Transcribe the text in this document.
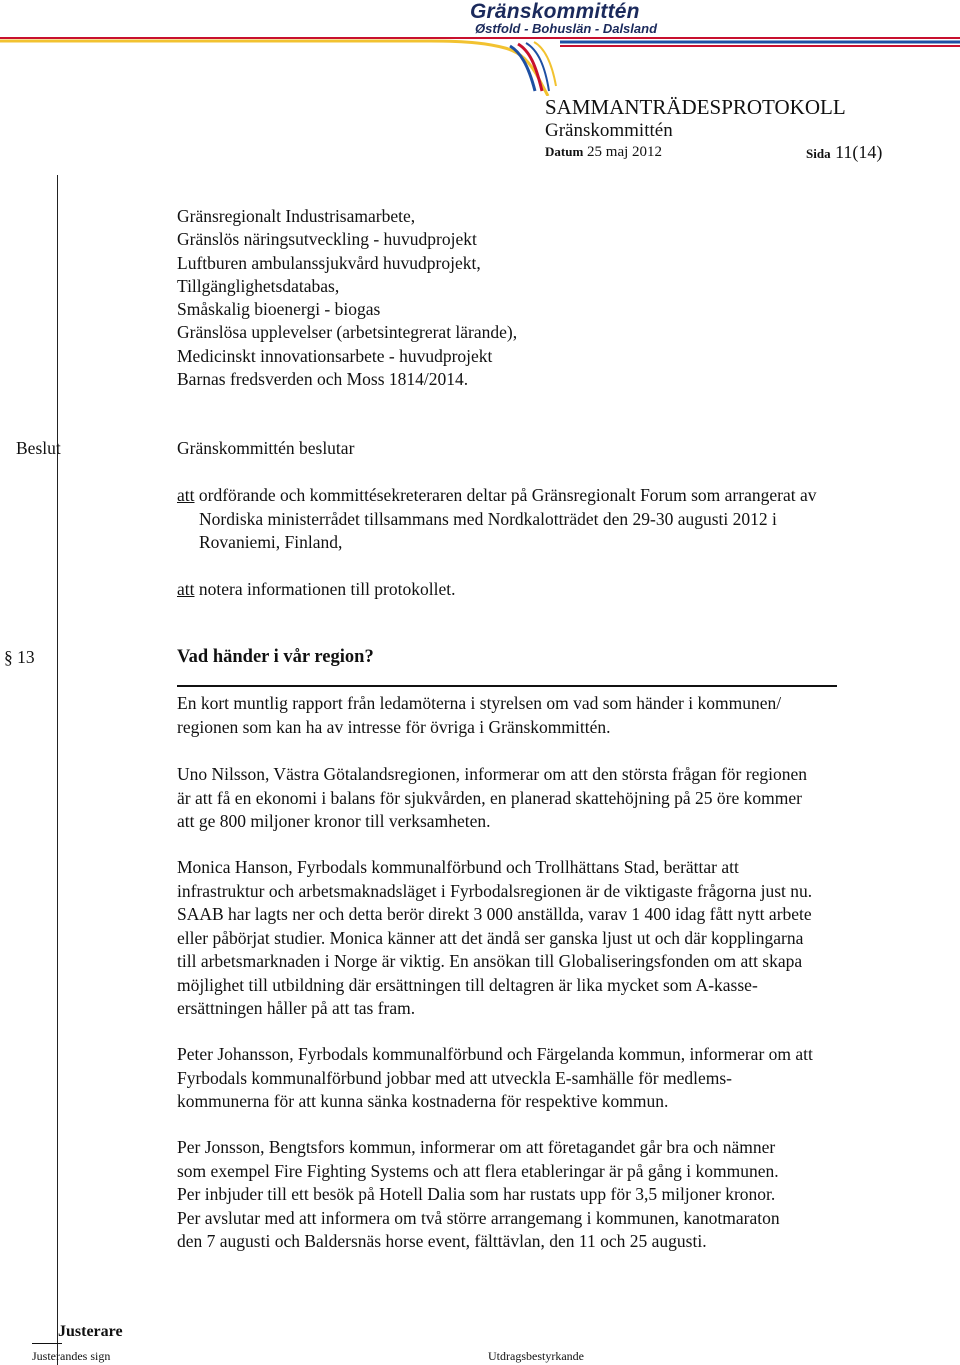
Gränskommittén
Østfold - Bohuslän - Dalsland
SAMMANTRÄDESPROTOKOLL
Gränskommittén
Datum 25 maj 2012	Sida 11(14)
Gränsregionalt Industrisamarbete,
Gränslös näringsutveckling - huvudprojekt
Luftburen ambulanssjukvård huvudprojekt,
Tillgänglighetsdatabas,
Småskalig bioenergi - biogas
Gränslösa upplevelser (arbetsintegrerat lärande),
Medicinskt innovationsarbete - huvudprojekt
Barnas fredsverden och Moss 1814/2014.
Beslut	Gränskommittén beslutar
att ordförande och kommittésekreteraren deltar på Gränsregionalt Forum som arrangerat av
Nordiska ministerrådet tillsammans med Nordkalotträdet den 29-30 augusti 2012 i
Rovaniemi, Finland,
att notera informationen till protokollet.
§ 13	Vad händer i vår region?
En kort muntlig rapport från ledamöterna i styrelsen om vad som händer i kommunen/
regionen som kan ha av intresse för övriga i Gränskommittén.
Uno Nilsson, Västra Götalandsregionen, informerar om att den största frågan för regionen
är att få en ekonomi i balans för sjukvården, en planerad skattehöjning på 25 öre kommer
att ge 800 miljoner kronor till verksamheten.
Monica Hanson, Fyrbodals kommunalförbund och Trollhättans Stad, berättar att
infrastruktur och arbetsmaknadsläget i Fyrbodalsregionen är de viktigaste frågorna just nu.
SAAB har lagts ner och detta berör direkt 3 000 anställda, varav 1 400 idag fått nytt arbete
eller påbörjat studier. Monica känner att det ändå ser ganska ljust ut och där kopplingarna
till arbetsmarknaden i Norge är viktig. En ansökan till Globaliseringsfonden om att skapa
möjlighet till utbildning där ersättningen till deltagren är lika mycket som A-kasse-
ersättningen håller på att tas fram.
Peter Johansson, Fyrbodals kommunalförbund och Färgelanda kommun, informerar om att
Fyrbodals kommunalförbund jobbar med att utveckla E-samhälle för medlems-
kommunerna för att kunna sänka kostnaderna för respektive kommun.
Per Jonsson, Bengtsfors kommun, informerar om att företagandet går bra och nämner
som exempel Fire Fighting Systems och att flera etableringar är på gång i kommunen.
Per inbjuder till ett besök på Hotell Dalia som har rustats upp för 3,5 miljoner kronor.
Per avslutar med att informera om två större arrangemang i kommunen, kanotmaraton
den 7 augusti och Baldersnäs horse event, fälttävlan, den 11 och 25 augusti.
Justerare
Justerandes sign	Utdragsbestyrkande
